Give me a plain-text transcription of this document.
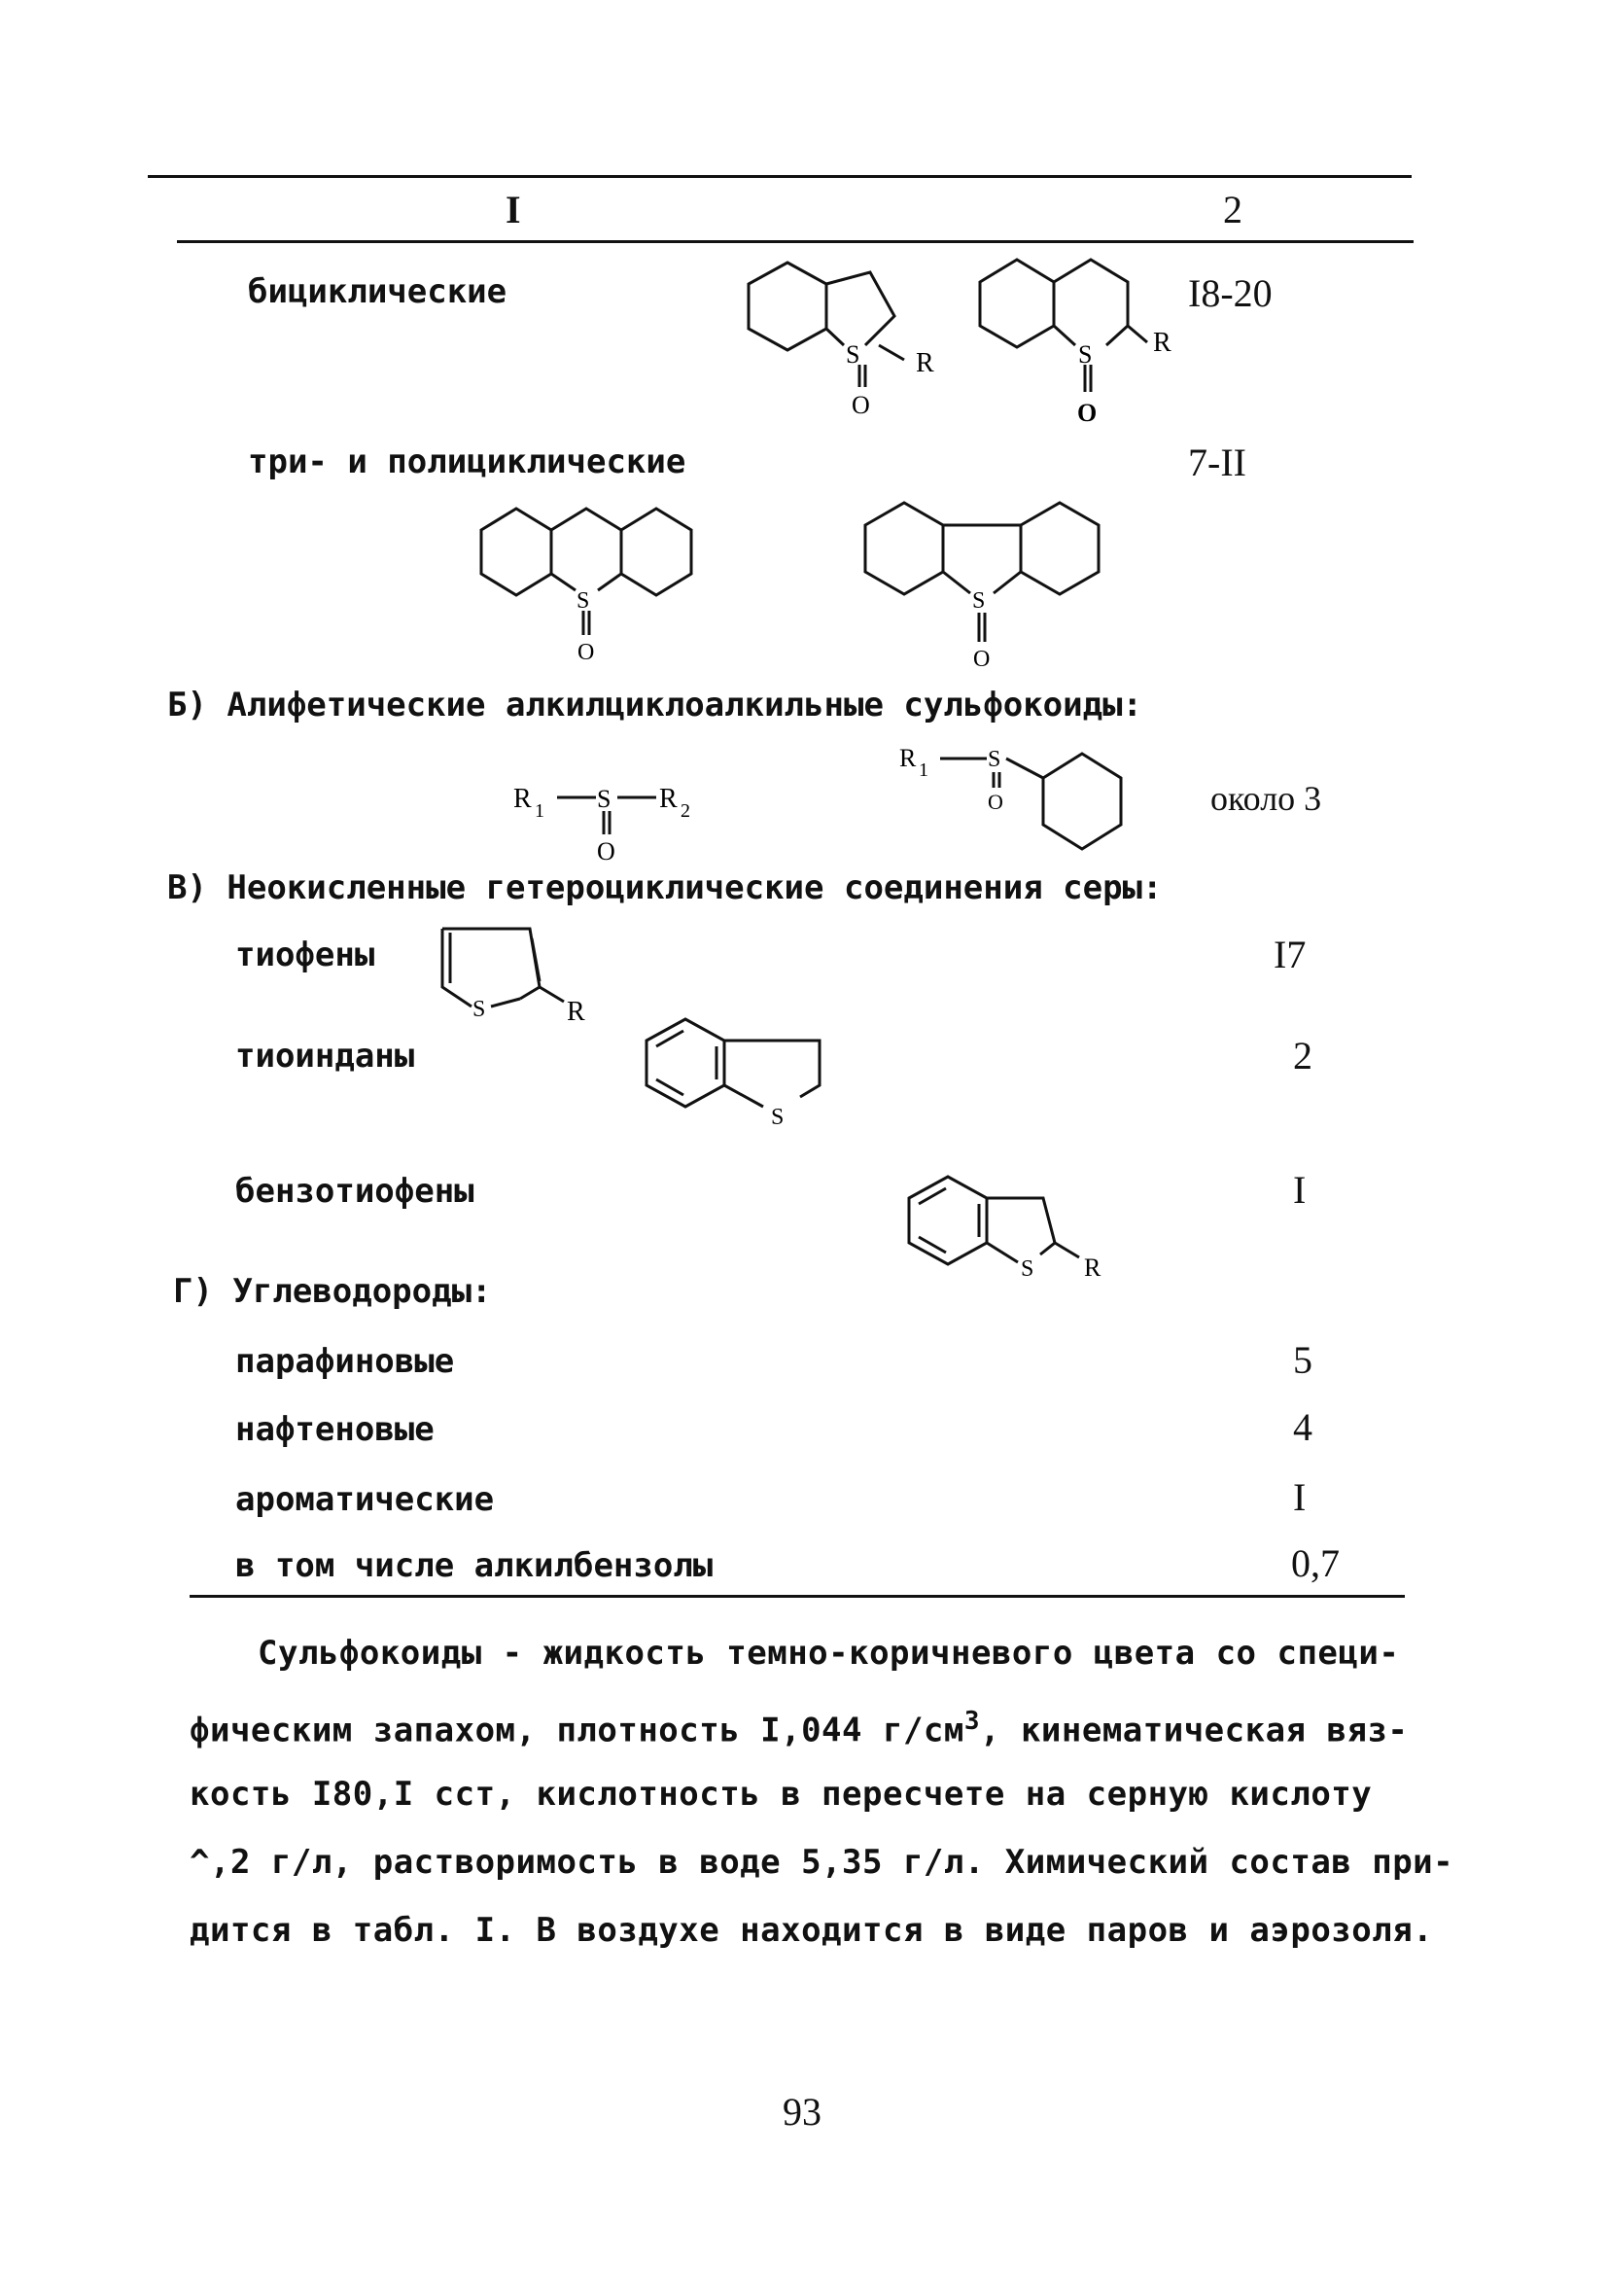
I	2
бициклические	I8-20
три- и полициклические	7-II
Б) Алифетические алкилциклоалкильные сульфокоиды:
около 3
В) Неокисленные гетероциклические соединения серы:
тиофены	I7
тиоинданы	2
бензотиофены	I
Г) Углеводороды:
парафиновые	5
нафтеновые	4
ароматические	I
в том числе алкилбензолы	0,7
S
O
R	S
O
R
S
O
S
O
R 1 S R 2
O
R 1	S
O
S	R
S
S R
Сульфокоиды - жидкость темно-коричневого цвета со специ-
фическим запахом, плотность I,044 $г/см^3$, кинематическая вяз-
кость I80,I сст, кислотность в пересчете на серную кислоту
^,2 г/л, растворимость в воде 5,35 г/л. Химический состав при-
дится в табл. I. В воздухе находится в виде паров и аэрозоля.
93
